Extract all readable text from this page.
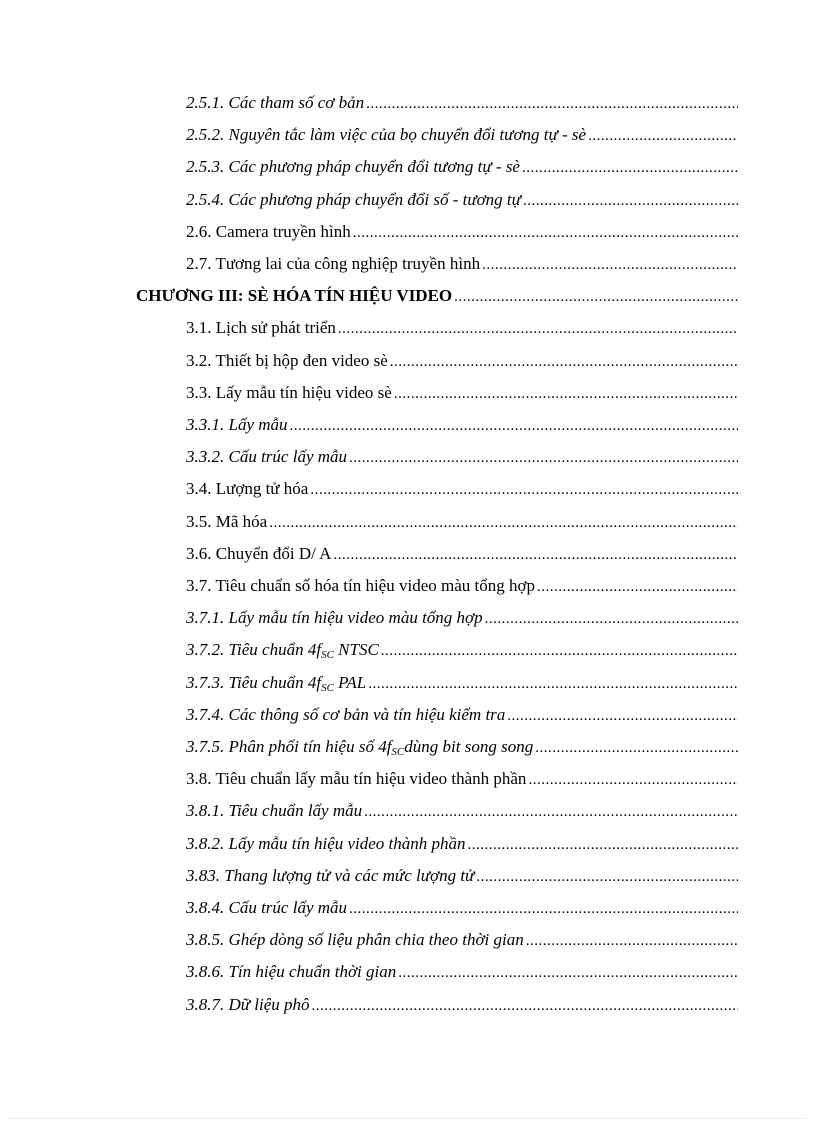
2.5.1. Các tham số cơ bản
.....
2.5.2. Nguyên tắc làm việc của bọ chuyển đổi tương tự - sè
.....
2.5.3. Các phương pháp chuyển đổi tương tự - sè
.....
2.5.4. Các phương pháp chuyển đổi số - tương tự
.....
2.6. Camera truyền hình
.....
2.7. Tương lai của công nghiệp truyền hình
.....
CHƯƠNG III: SÈ HÓA TÍN HIỆU VIDEO
.....
3.1. Lịch sử phát triển
.....
3.2. Thiết bị hộp đen video sè
.....
3.3. Lấy mẫu tín hiệu video sè
.....
3.3.1. Lấy mẫu
.....
3.3.2. Cấu trúc lấy mẫu
.....
3.4. Lượng tử hóa
.....
3.5. Mã hóa
.....
3.6. Chuyển đổi D/ A
.....
3.7. Tiêu chuẩn số hóa tín hiệu video màu tổng hợp
.....
3.7.1. Lấy mẫu tín hiệu video màu tổng hợp
.....
3.7.2. Tiêu chuẩn $4f_{SC}$ NTSC
.....
3.7.3. Tiêu chuẩn $4f_{SC}$ PAL
.....
3.7.4. Các thông số cơ bản và tín hiệu kiểm tra
.....
3.7.5. Phân phối tín hiệu số $4f_{SC}dùng$ bit song song
.....
3.8. Tiêu chuẩn lấy mẫu tín hiệu video thành phần
.....
3.8.1. Tiêu chuẩn lấy mẫu
.....
3.8.2. Lấy mẫu tín hiệu video thành phần
.....
3.83. Thang lượng tử và các mức lượng tử
.....
3.8.4. Cấu trúc lấy mẫu
.....
3.8.5. Ghép dòng số liệu phân chia theo thời gian
.....
3.8.6. Tín hiệu chuẩn thời gian
.....
3.8.7. Dữ liệu phô
.....
